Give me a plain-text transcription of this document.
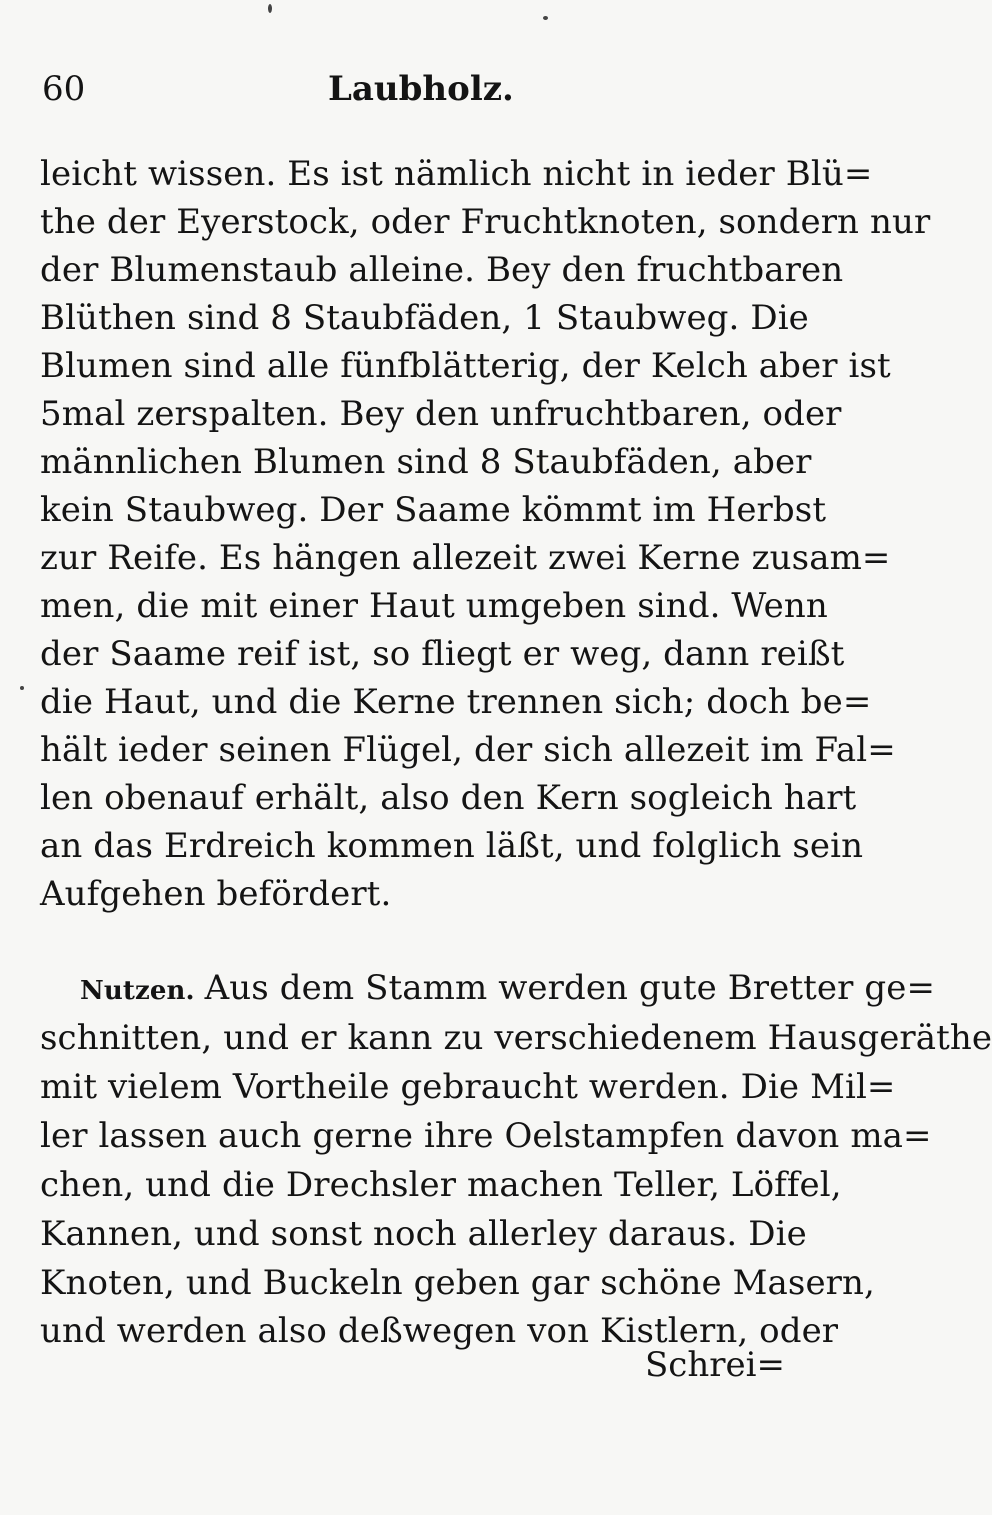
60	Laubholz.
leicht wissen. Es ist nämlich nicht in ieder Blü=
the der Eyerstock, oder Fruchtknoten, sondern nur
der Blumenstaub alleine. Bey den fruchtbaren
Blüthen sind 8 Staubfäden, 1 Staubweg. Die
Blumen sind alle fünfblätterig, der Kelch aber ist
5mal zerspalten. Bey den unfruchtbaren, oder
männlichen Blumen sind 8 Staubfäden, aber
kein Staubweg. Der Saame kömmt im Herbst
zur Reife. Es hängen allezeit zwei Kerne zusam=
men, die mit einer Haut umgeben sind. Wenn
der Saame reif ist, so fliegt er weg, dann reißt
die Haut, und die Kerne trennen sich; doch be=
hält ieder seinen Flügel, der sich allezeit im Fal=
len obenauf erhält, also den Kern sogleich hart
an das Erdreich kommen läßt, und folglich sein
Aufgehen befördert.
Nutzen. Aus dem Stamm werden gute Bretter ge=
schnitten, und er kann zu verschiedenem Hausgeräthe
mit vielem Vortheile gebraucht werden. Die Mil=
ler lassen auch gerne ihre Oelstampfen davon ma=
chen, und die Drechsler machen Teller, Löffel,
Kannen, und sonst noch allerley daraus. Die
Knoten, und Buckeln geben gar schöne Masern,
und werden also deßwegen von Kistlern, oder
Schrei=
